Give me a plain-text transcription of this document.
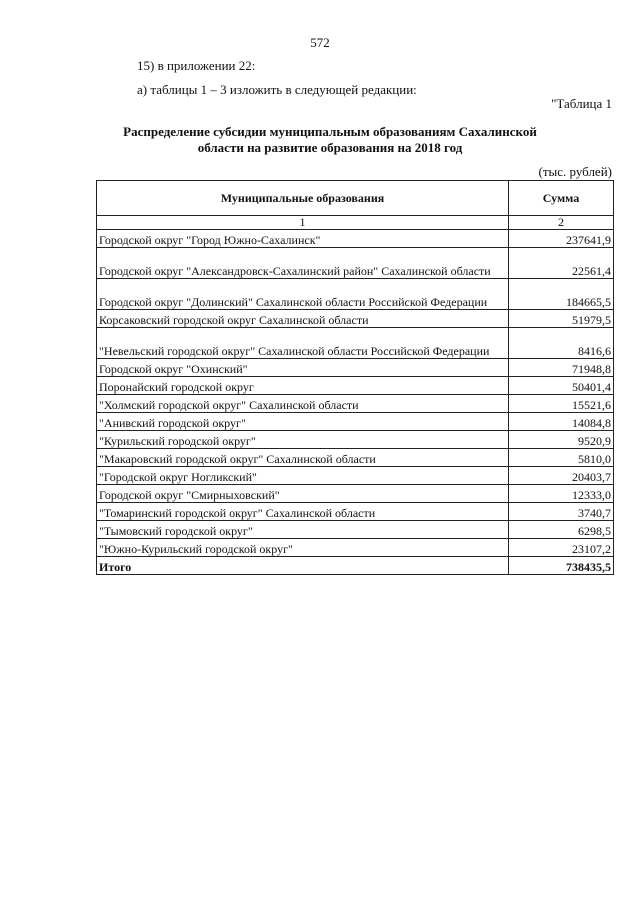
572
15) в приложении 22:
а) таблицы 1 – 3 изложить в следующей редакции:
"Таблица 1
Распределение субсидии муниципальным образованиям Сахалинской области на развитие образования на 2018 год
(тыс. рублей)
Муниципальные образования	Сумма
1	2
Городской округ "Город Южно-Сахалинск"	237641,9
Городской округ "Александровск-Сахалинский район" Сахалинской области	22561,4
Городской округ "Долинский" Сахалинской области Российской Федерации	184665,5
Корсаковский городской округ Сахалинской области	51979,5
"Невельский городской округ" Сахалинской области Российской Федерации	8416,6
Городской округ "Охинский"	71948,8
Поронайский городской округ	50401,4
"Холмский городской округ" Сахалинской области	15521,6
"Анивский городской округ"	14084,8
"Курильский городской округ"	9520,9
"Макаровский городской округ" Сахалинской области	5810,0
"Городской округ Ногликский"	20403,7
Городской округ "Смирныховский"	12333,0
"Томаринский городской округ" Сахалинской области	3740,7
"Тымовский городской округ"	6298,5
"Южно-Курильский городской округ"	23107,2
Итого	738435,5
